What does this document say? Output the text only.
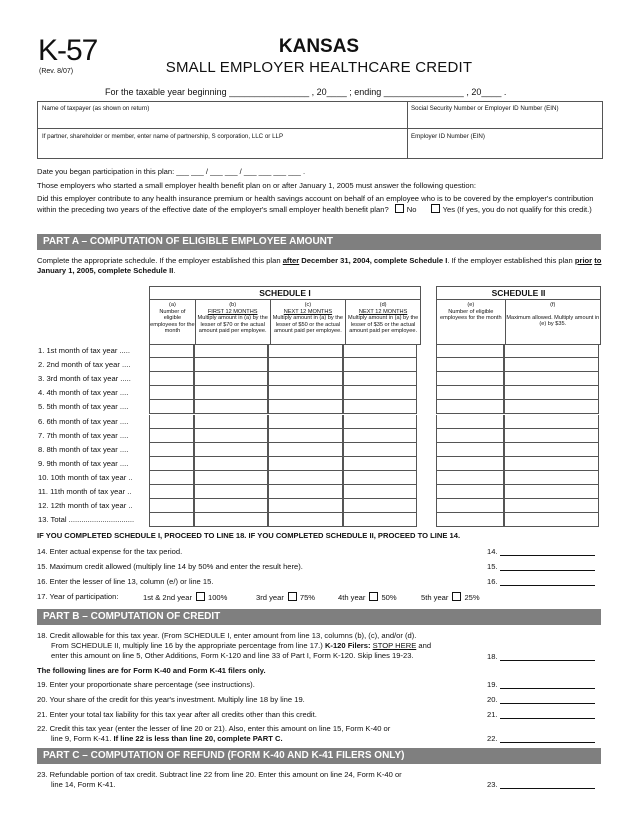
K-57
(Rev. 8/07)
KANSAS
SMALL EMPLOYER HEALTHCARE CREDIT
For the taxable year beginning ________________ , 20____ ; ending ________________ , 20____ .
Name of taxpayer (as shown on return)	Social Security Number or Employer ID Number (EIN)
If partner, shareholder or member, enter name of partnership, S corporation, LLC or LLP	Employer ID Number (EIN)
Date you began participation in this plan: ___ ___ / ___ ___ / ___ ___ ___ ___ .
Those employers who started a small employer health benefit plan on or after January 1, 2005 must answer the following question:
Did this employer contribute to any health insurance premium or health savings account on behalf of an employee who is to be covered by the employer's contribution within the preceding two years of the effective date of the employer's small employer health benefit plan? No	Yes (If yes, you do not qualify for this credit.)
PART A – COMPUTATION OF ELIGIBLE EMPLOYEE AMOUNT
Complete the appropriate schedule. If the employer established this plan after December 31, 2004, complete Schedule I. If the employer established this plan prior to January 1, 2005, complete Schedule II.
SCHEDULE I
(a)
Number of eligible employees for the month
(b)
FIRST 12 MONTHS
Multiply amount in (a) by the lesser of $70 or the actual amount paid per employee.
(c)
NEXT 12 MONTHS
Multiply amount in (a) by the lesser of $50 or the actual amount paid per employee.
(d)
NEXT 12 MONTHS
Multiply amount in (a) by the lesser of $35 or the actual amount paid per employee.
SCHEDULE II
(e)
Number of eligible employees for the month
(f)
Maximum allowed. Multiply amount in (e) by $35.
1. 1st month of tax year .....
2. 2nd month of tax year ....
3. 3rd month of tax year .....
4. 4th month of tax year ....
5. 5th month of tax year ....
6. 6th month of tax year ....
7. 7th month of tax year ....
8. 8th month of tax year ....
9. 9th month of tax year ....
10. 10th month of tax year ..
11. 11th month of tax year ..
12. 12th month of tax year ..
13. Total ...............................
IF YOU COMPLETED SCHEDULE I, PROCEED TO LINE 18. IF YOU COMPLETED SCHEDULE II, PROCEED TO LINE 14.
14. Enter actual expense for the tax period.	14.
15. Maximum credit allowed (multiply line 14 by 50% and enter the result here).	15.
16. Enter the lesser of line 13, column (e/) or line 15.	16.
17. Year of participation:	1st & 2nd year 100%	3rd year 75%	4th year 50%	5th year 25%
PART B – COMPUTATION OF CREDIT
18. Credit allowable for this tax year. (From SCHEDULE I, enter amount from line 13, columns (b), (c), and/or (d).
From SCHEDULE II, multiply line 16 by the appropriate percentage from line 17.) K-120 Filers: STOP HERE and
enter this amount on line 5, Other Additions, Form K-120 and line 33 of Part I, Form K-120. Skip lines 19-23.	18.
The following lines are for Form K-40 and Form K-41 filers only.
19. Enter your proportionate share percentage (see instructions).	19.
20. Your share of the credit for this year's investment. Multiply line 18 by line 19.	20.
21. Enter your total tax liability for this tax year after all credits other than this credit.	21.
22. Credit this tax year (enter the lesser of line 20 or 21). Also, enter this amount on line 15, Form K-40 or
line 9, Form K-41. If line 22 is less than line 20, complete PART C.	22.
PART C – COMPUTATION OF REFUND (FORM K-40 AND K-41 FILERS ONLY)
23. Refundable portion of tax credit. Subtract line 22 from line 20. Enter this amount on line 24, Form K-40 or
line 14, Form K-41.	23.
